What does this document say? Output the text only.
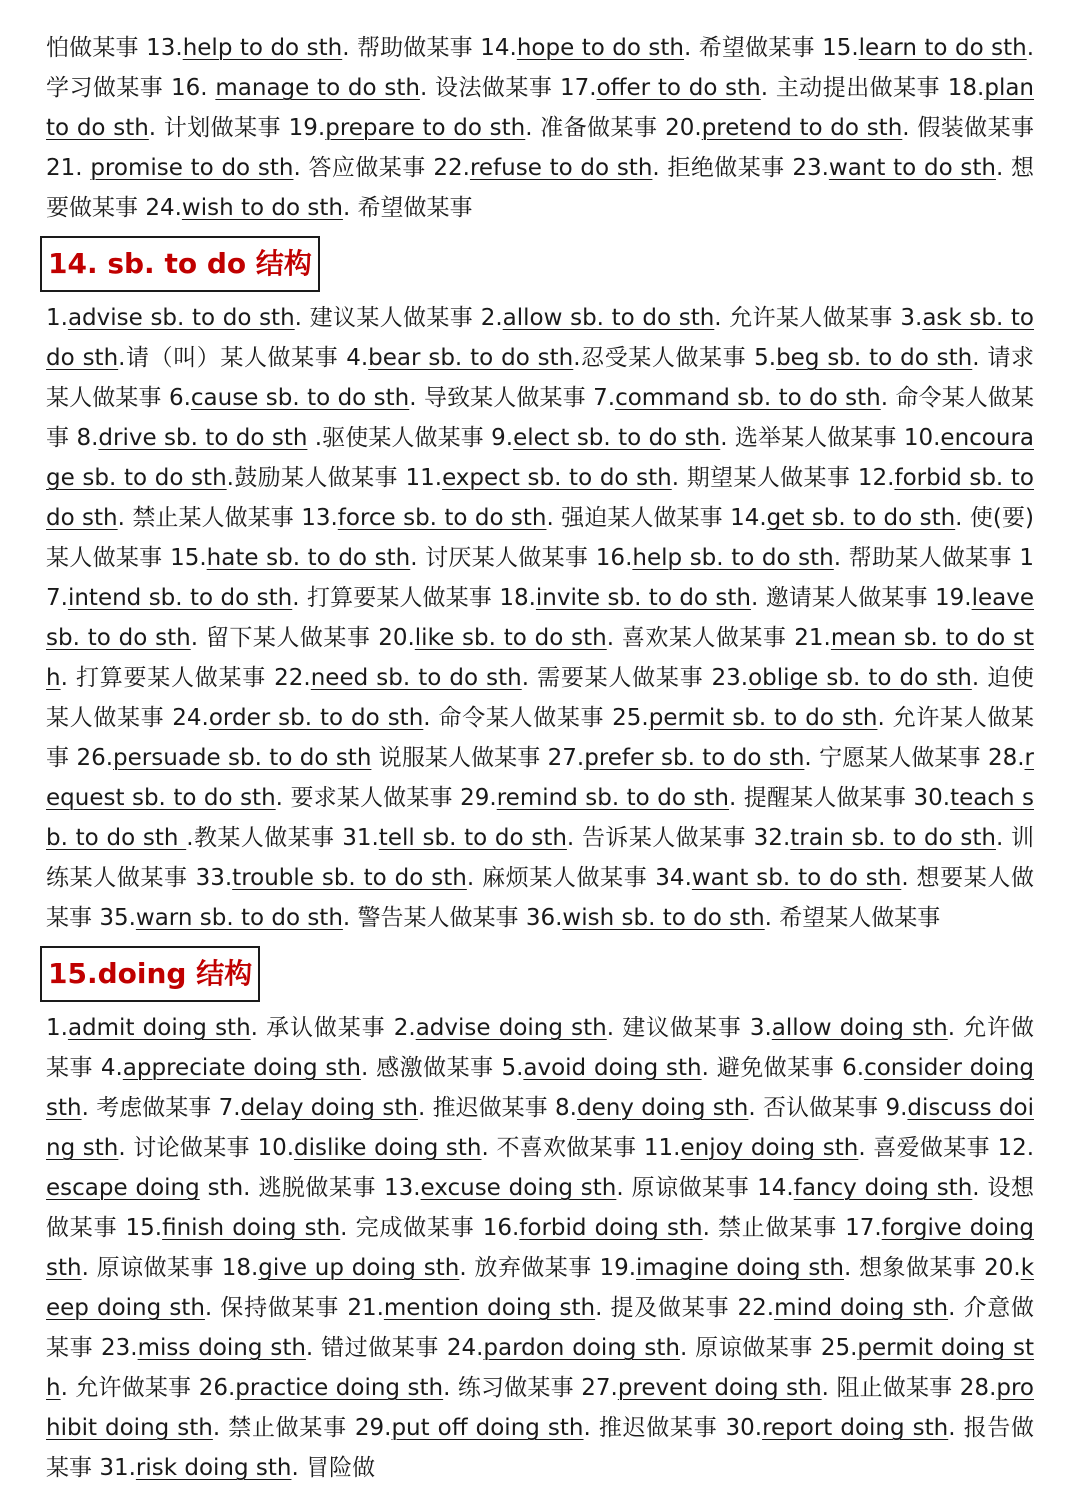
怕做某事 13.help to do sth. 帮助做某事 14.hope to do sth. 希望做某事 15.learn to do sth. 学习做某事 16. manage to do sth. 设法做某事 17.offer to do sth. 主动提出做某事 18.plan to do sth. 计划做某事 19.prepare to do sth. 准备做某事 20.pretend to do sth. 假装做某事 21. promise to do sth. 答应做某事 22.refuse to do sth. 拒绝做某事 23.want to do sth. 想要做某事 24.wish to do sth. 希望做某事

14. sb. to do 结构

1.advise sb. to do sth. 建议某人做某事 2.allow sb. to do sth. 允许某人做某事 3.ask sb. to do sth.请（叫）某人做某事 4.bear sb. to do sth.忍受某人做某事 5.beg sb. to do sth. 请求某人做某事 6.cause sb. to do sth. 导致某人做某事 7.command sb. to do sth. 命令某人做某事 8.drive sb. to do sth .驱使某人做某事 9.elect sb. to do sth. 选举某人做某事 10.encourage sb. to do sth.鼓励某人做某事 11.expect sb. to do sth. 期望某人做某事 12.forbid sb. to do sth. 禁止某人做某事 13.force sb. to do sth. 强迫某人做某事 14.get sb. to do sth. 使(要)某人做某事 15.hate sb. to do sth. 讨厌某人做某事 16.help sb. to do sth. 帮助某人做某事 17.intend sb. to do sth. 打算要某人做某事 18.invite sb. to do sth. 邀请某人做某事 19.leave sb. to do sth. 留下某人做某事 20.like sb. to do sth. 喜欢某人做某事 21.mean sb. to do sth. 打算要某人做某事 22.need sb. to do sth. 需要某人做某事 23.oblige sb. to do sth. 迫使某人做某事 24.order sb. to do sth. 命令某人做某事 25.permit sb. to do sth. 允许某人做某事 26.persuade sb. to do sth 说服某人做某事 27.prefer sb. to do sth. 宁愿某人做某事 28.request sb. to do sth. 要求某人做某事 29.remind sb. to do sth. 提醒某人做某事 30.teach sb. to do sth .教某人做某事 31.tell sb. to do sth. 告诉某人做某事 32.train sb. to do sth. 训练某人做某事 33.trouble sb. to do sth. 麻烦某人做某事 34.want sb. to do sth. 想要某人做某事 35.warn sb. to do sth. 警告某人做某事 36.wish sb. to do sth. 希望某人做某事

15.doing 结构

1.admit doing sth. 承认做某事 2.advise doing sth. 建议做某事 3.allow doing sth. 允许做某事 4.appreciate doing sth. 感激做某事 5.avoid doing sth. 避免做某事 6.consider doing sth. 考虑做某事 7.delay doing sth. 推迟做某事 8.deny doing sth. 否认做某事 9.discuss doing sth. 讨论做某事 10.dislike doing sth. 不喜欢做某事 11.enjoy doing sth. 喜爱做某事 12.escape doing sth. 逃脱做某事 13.excuse doing sth. 原谅做某事 14.fancy doing sth. 设想做某事 15.finish doing sth. 完成做某事 16.forbid doing sth. 禁止做某事 17.forgive doing sth. 原谅做某事 18.give up doing sth. 放弃做某事 19.imagine doing sth. 想象做某事 20.keep doing sth. 保持做某事 21.mention doing sth. 提及做某事 22.mind doing sth. 介意做某事 23.miss doing sth. 错过做某事 24.pardon doing sth. 原谅做某事 25.permit doing sth. 允许做某事 26.practice doing sth. 练习做某事 27.prevent doing sth. 阻止做某事 28.prohibit doing sth. 禁止做某事 29.put off doing sth. 推迟做某事 30.report doing sth. 报告做某事 31.risk doing sth. 冒险做
